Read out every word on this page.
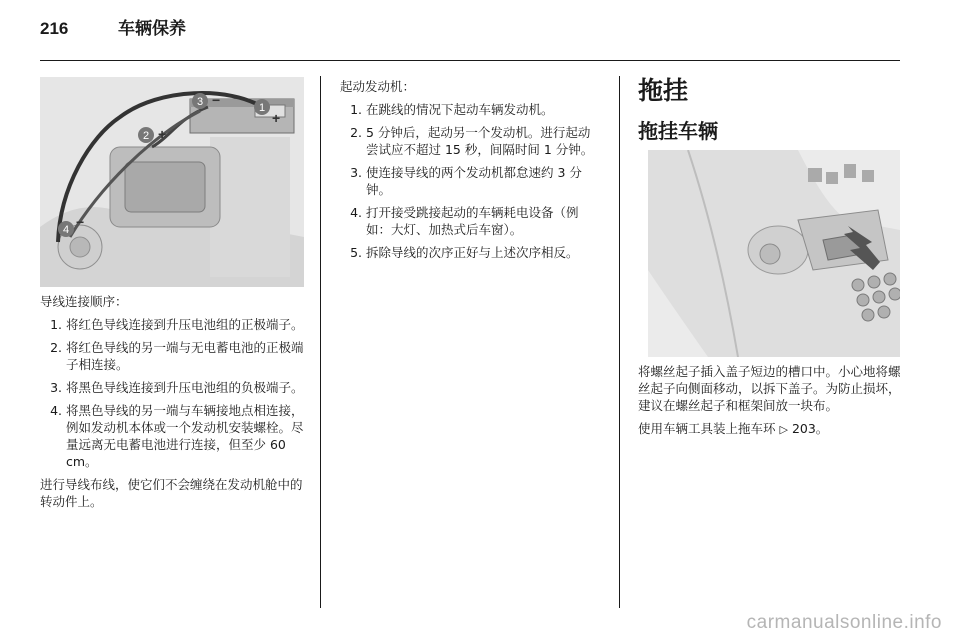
216	车辆保养
3	1
2
4
+
+
−
−

导线连接顺序：

1. 将红色导线连接到升压电池组的正极端子。
2. 将红色导线的另一端与无电蓄电池的正极端子相连接。
3. 将黑色导线连接到升压电池组的负极端子。
4. 将黑色导线的另一端与车辆接地点相连接，例如发动机本体或一个发动机安装螺栓。尽量远离无电蓄电池进行连接，但至少 60 cm。

进行导线布线，使它们不会缠绕在发动机舱中的转动件上。

起动发动机：

1. 在跳线的情况下起动车辆发动机。
2. 5 分钟后，起动另一个发动机。进行起动尝试应不超过 15 秒，间隔时间 1 分钟。
3. 使连接导线的两个发动机都怠速约 3 分钟。
4. 打开接受跳接起动的车辆耗电设备（例如：大灯、加热式后车窗）。
5. 拆除导线的次序正好与上述次序相反。
拖挂
拖挂车辆

将螺丝起子插入盖子短边的槽口中。小心地将螺丝起子向侧面移动，以拆下盖子。为防止损坏，建议在螺丝起子和框架间放一块布。

使用车辆工具装上拖车环 ▷ 203。

carmanualsonline.info
